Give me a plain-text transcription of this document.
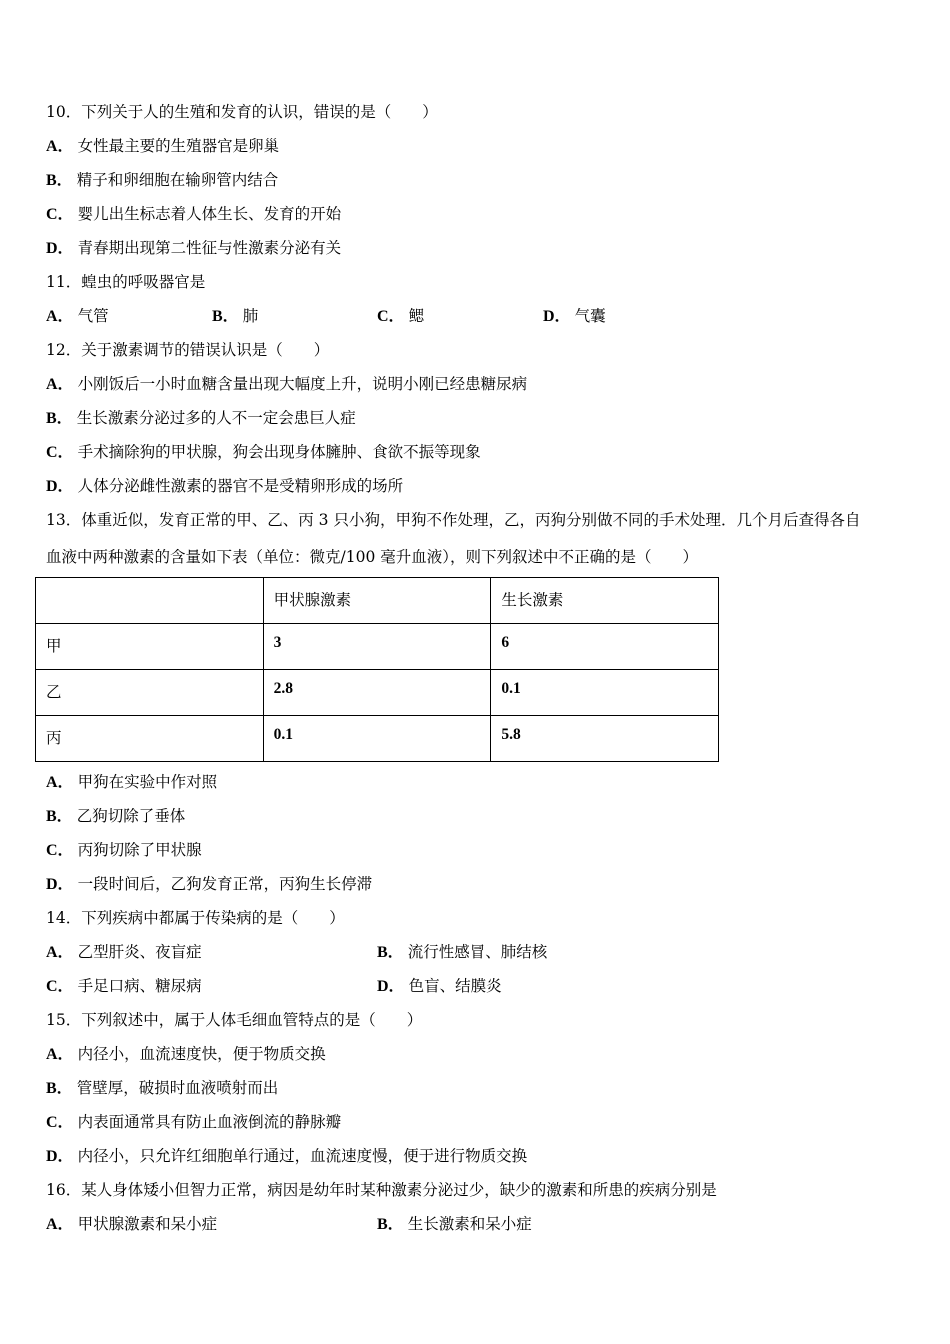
10．下列关于人的生殖和发育的认识，错误的是（　　）
A． 女性最主要的生殖器官是卵巢
B． 精子和卵细胞在输卵管内结合
C． 婴儿出生标志着人体生长、发育的开始
D． 青春期出现第二性征与性激素分泌有关
11．蝗虫的呼吸器官是
A． 气管	B． 肺	C． 鳃	D． 气囊
12．关于激素调节的错误认识是（　　）
A． 小刚饭后一小时血糖含量出现大幅度上升，说明小刚已经患糖尿病
B． 生长激素分泌过多的人不一定会患巨人症
C． 手术摘除狗的甲状腺，狗会出现身体臃肿、食欲不振等现象
D． 人体分泌雌性激素的器官不是受精卵形成的场所
13．体重近似，发育正常的甲、乙、丙 3 只小狗，甲狗不作处理，乙，丙狗分别做不同的手术处理．几个月后查得各自
血液中两种激素的含量如下表（单位：微克/100 毫升血液），则下列叙述中不正确的是（　　）
	甲状腺激素	生长激素
甲	3	6
乙	2.8	0.1
丙	0.1	5.8
A． 甲狗在实验中作对照
B． 乙狗切除了垂体
C． 丙狗切除了甲状腺
D． 一段时间后，乙狗发育正常，丙狗生长停滞
14．下列疾病中都属于传染病的是（　　）
A． 乙型肝炎、夜盲症	B． 流行性感冒、肺结核
C． 手足口病、糖尿病	D． 色盲、结膜炎
15．下列叙述中，属于人体毛细血管特点的是（　　）
A． 内径小，血流速度快，便于物质交换
B． 管壁厚，破损时血液喷射而出
C． 内表面通常具有防止血液倒流的静脉瓣
D． 内径小，只允许红细胞单行通过，血流速度慢，便于进行物质交换
16．某人身体矮小但智力正常，病因是幼年时某种激素分泌过少，缺少的激素和所患的疾病分别是
A． 甲状腺激素和呆小症	B． 生长激素和呆小症
